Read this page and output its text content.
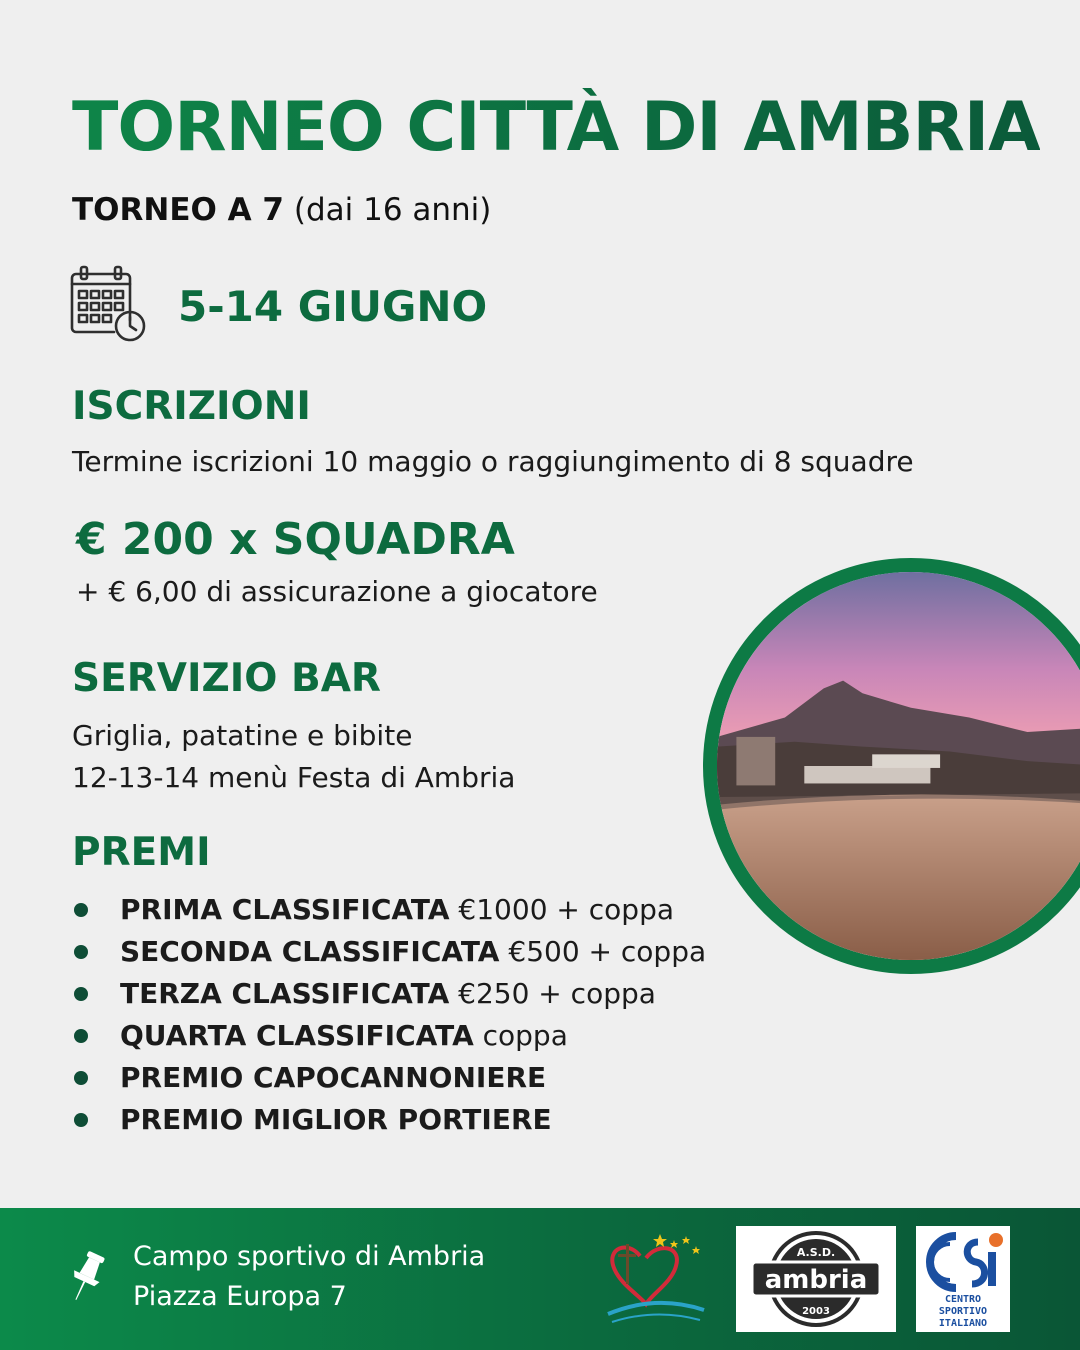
TORNEO CITTÀ DI AMBRIA
TORNEO A 7 (dai 16 anni)
5-14 GIUGNO
ISCRIZIONI
Termine iscrizioni 10 maggio o raggiungimento di 8 squadre
€ 200 x SQUADRA
+ € 6,00 di assicurazione a giocatore
SERVIZIO BAR
Griglia, patatine e bibite
12-13-14 menù Festa di Ambria
PREMI
PRIMA CLASSIFICATA €1000 + coppa
SECONDA CLASSIFICATA €500 + coppa
TERZA CLASSIFICATA €250 + coppa
QUARTA CLASSIFICATA coppa
PREMIO CAPOCANNONIERE
PREMIO MIGLIOR PORTIERE
Campo sportivo di Ambria
Piazza Europa 7
ambria
A.S.D.
2003
CENTRO
SPORTIVO
ITALIANO
